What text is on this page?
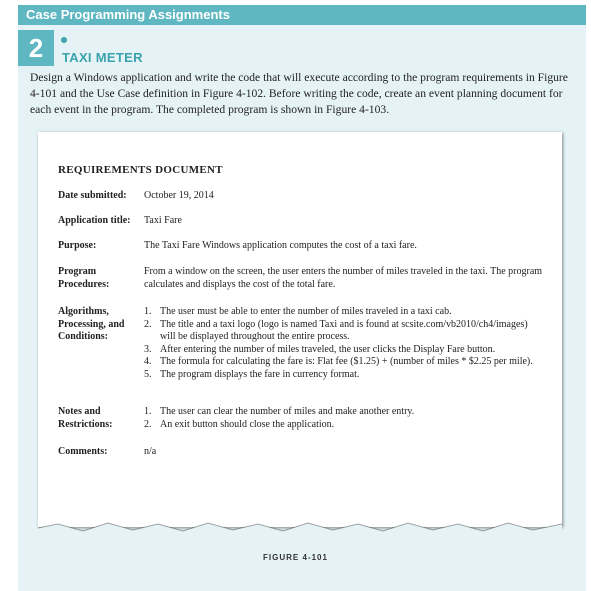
Case Programming Assignments
2	TAXI METER
Design a Windows application and write the code that will execute according to the program requirements in Figure 4-101 and the Use Case definition in Figure 4-102. Before writing the code, create an event planning document for each event in the program. The completed program is shown in Figure 4-103.
REQUIREMENTS DOCUMENT
Date submitted:	October 19, 2014
Application title:	Taxi Fare
Purpose:	The Taxi Fare Windows application computes the cost of a taxi fare.
Program
Procedures:
From a window on the screen, the user enters the number of miles traveled in the taxi. The program calculates and displays the cost of the total fare.
Algorithms,
Processing, and
Conditions:
1. The user must be able to enter the number of miles traveled in a taxi cab.
2. The title and a taxi logo (logo is named Taxi and is found at scsite.com/vb2010/ch4/images) will be displayed throughout the entire process.
3. After entering the number of miles traveled, the user clicks the Display Fare button.
4. The formula for calculating the fare is: Flat fee ($1.25) + (number of miles * $2.25 per mile).
5. The program displays the fare in currency format.
Notes and
Restrictions:
1. The user can clear the number of miles and make another entry.
2. An exit button should close the application.
Comments:	n/a
FIGURE 4-101
